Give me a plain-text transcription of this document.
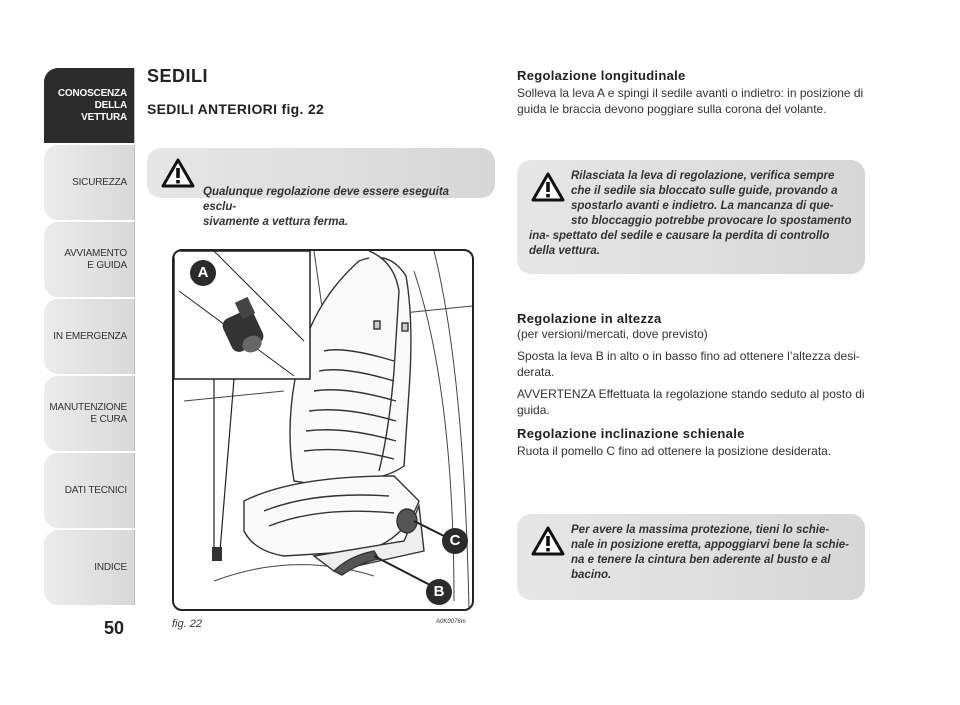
CONOSCENZA
DELLA
VETTURA
SICUREZZA
AVVIAMENTO
E GUIDA
IN EMERGENZA
MANUTENZIONE
E CURA
DATI TECNICI
INDICE
50
SEDILI
SEDILI ANTERIORI fig. 22

Qualunque regolazione deve essere eseguita esclu-
sivamente a vettura ferma.

A
C
B
fig. 22	A0K0076m
Regolazione longitudinale

Solleva la leva A e spingi il sedile avanti o indietro: in posizione di guida le braccia devono poggiare sulla corona del volante.

Rilasciata la leva di regolazione, verifica sempre che il sedile sia bloccato sulle guide, provando a spostarlo avanti e indietro. La mancanza di que- sto bloccaggio potrebbe provocare lo spostamento ina- spettato del sedile e causare la perdita di controllo della vettura.
Regolazione in altezza

(per versioni/mercati, dove previsto)

Sposta la leva B in alto o in basso fino ad ottenere l’altezza desi- derata.

AVVERTENZA Effettuata la regolazione stando seduto al posto di guida.

Regolazione inclinazione schienale

Ruota il pomello C fino ad ottenere la posizione desiderata.

Per avere la massima protezione, tieni lo schie- nale in posizione eretta, appoggiarvi bene la schie- na e tenere la cintura ben aderente al busto e al bacino.
